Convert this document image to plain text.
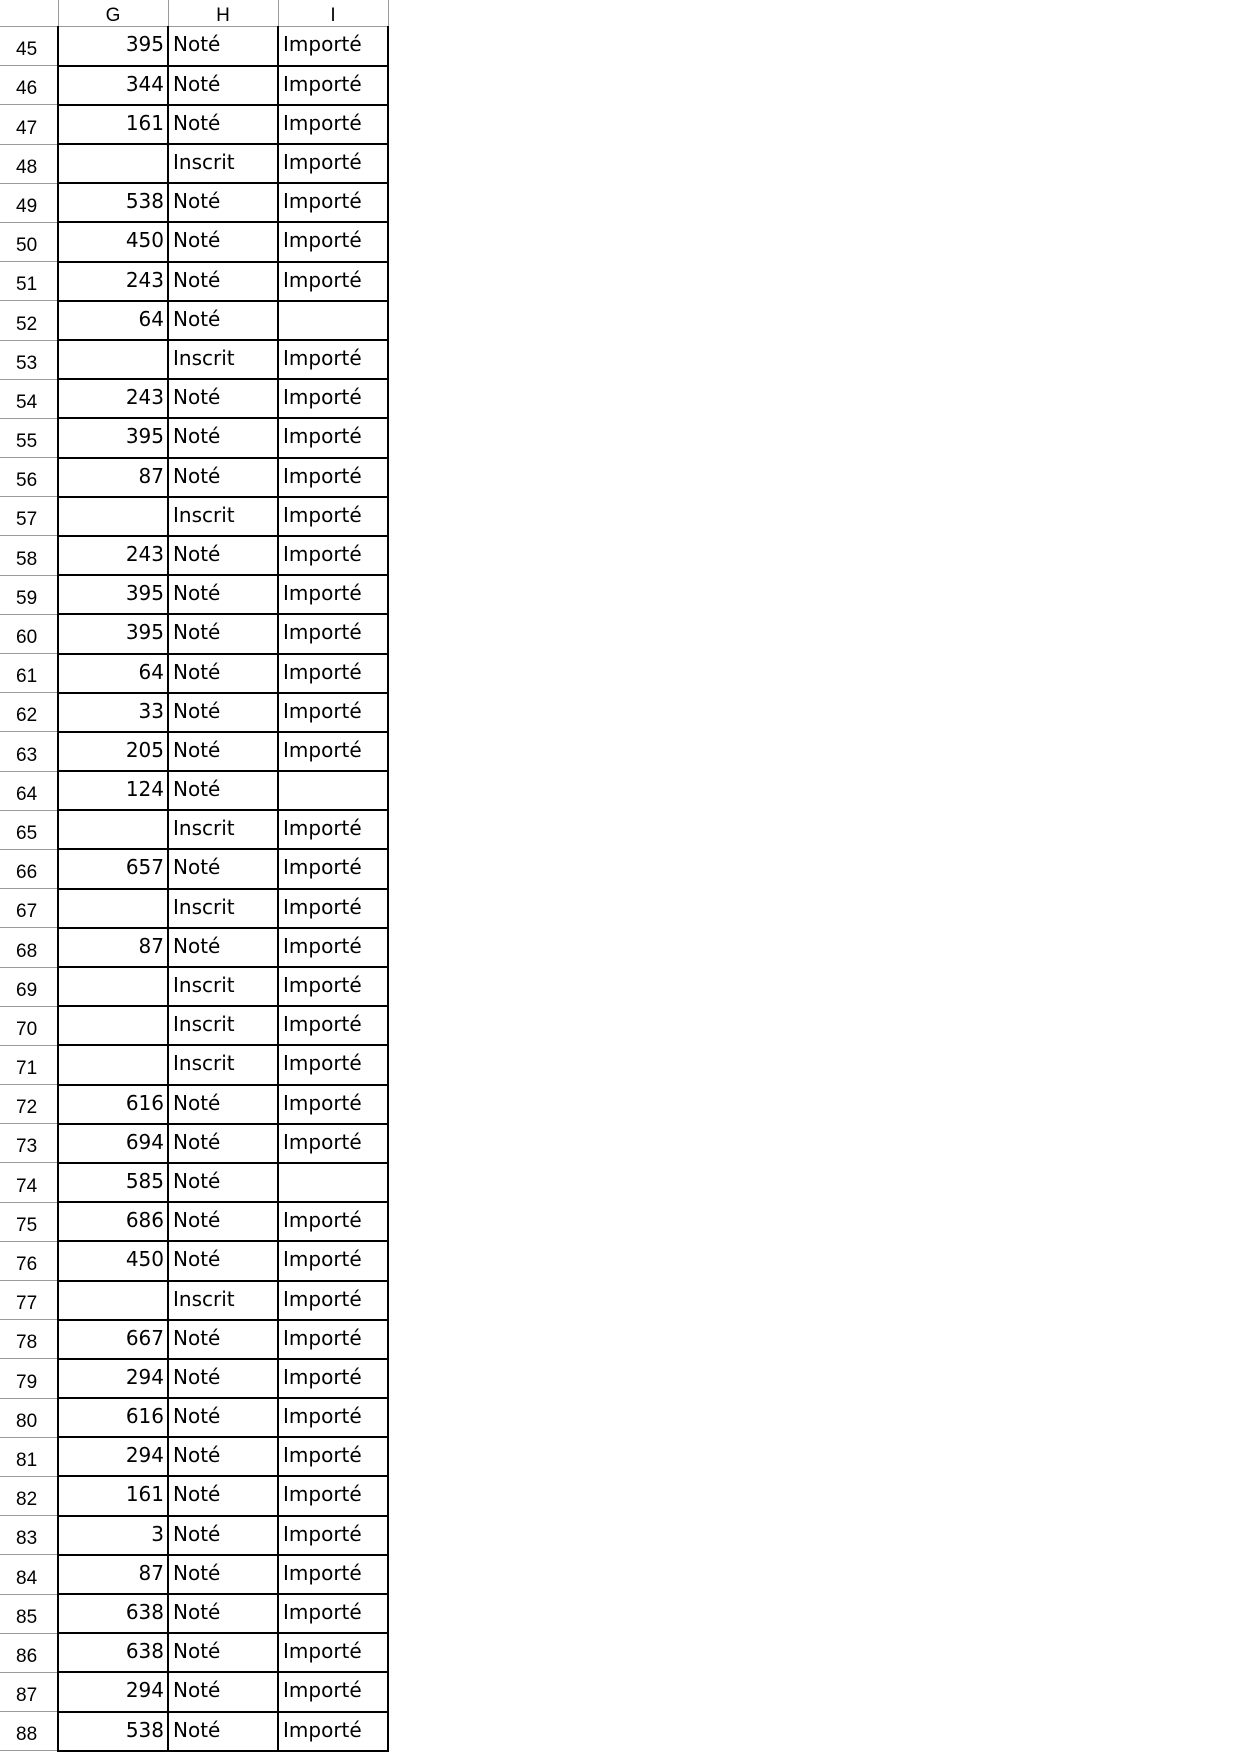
	G	H	I
45	395	Noté	Importé
46	344	Noté	Importé
47	161	Noté	Importé
48		Inscrit	Importé
49	538	Noté	Importé
50	450	Noté	Importé
51	243	Noté	Importé
52	64	Noté	
53		Inscrit	Importé
54	243	Noté	Importé
55	395	Noté	Importé
56	87	Noté	Importé
57		Inscrit	Importé
58	243	Noté	Importé
59	395	Noté	Importé
60	395	Noté	Importé
61	64	Noté	Importé
62	33	Noté	Importé
63	205	Noté	Importé
64	124	Noté	
65		Inscrit	Importé
66	657	Noté	Importé
67		Inscrit	Importé
68	87	Noté	Importé
69		Inscrit	Importé
70		Inscrit	Importé
71		Inscrit	Importé
72	616	Noté	Importé
73	694	Noté	Importé
74	585	Noté	
75	686	Noté	Importé
76	450	Noté	Importé
77		Inscrit	Importé
78	667	Noté	Importé
79	294	Noté	Importé
80	616	Noté	Importé
81	294	Noté	Importé
82	161	Noté	Importé
83	3	Noté	Importé
84	87	Noté	Importé
85	638	Noté	Importé
86	638	Noté	Importé
87	294	Noté	Importé
88	538	Noté	Importé
